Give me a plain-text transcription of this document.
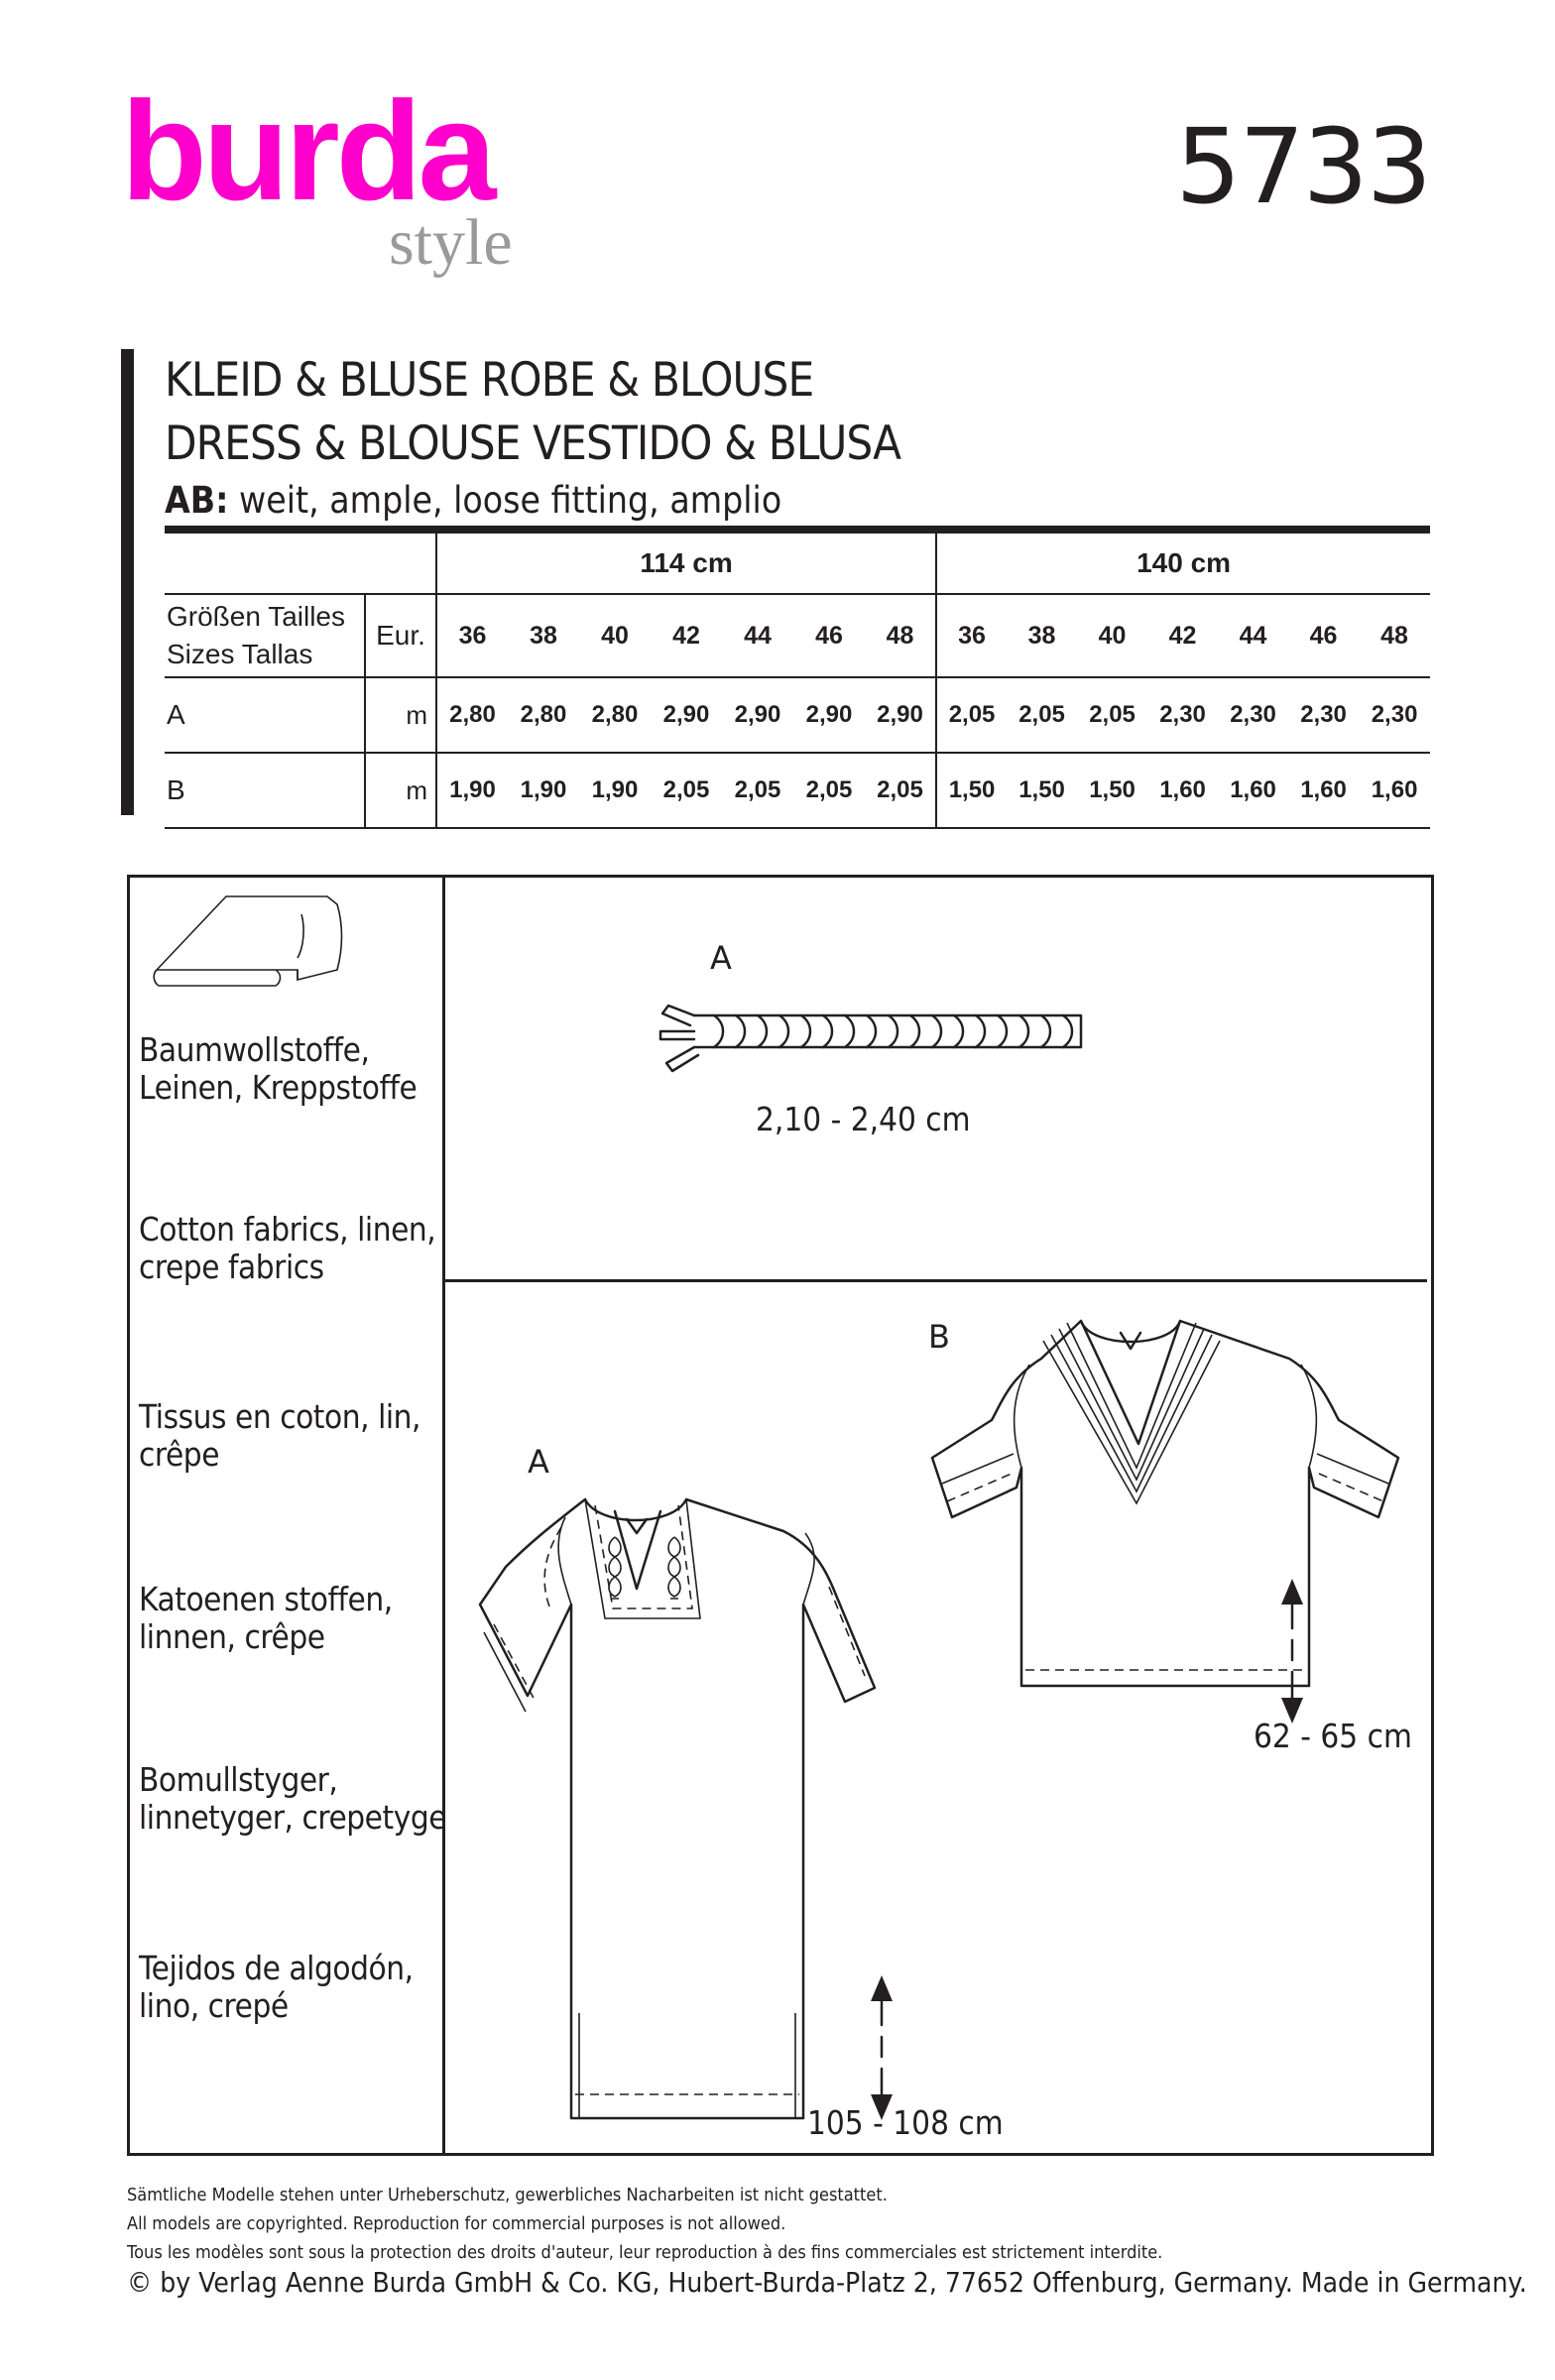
burda
style
5733
KLEID & BLUSE ROBE & BLOUSE
DRESS & BLOUSE VESTIDO & BLUSA
AB: weit, ample, loose fitting, amplio
		114 cm							140 cm						

Größen Tailles
Sizes Tallas	Eur.	36	38	40	42	44	46	48	36	38	40	42	44	46	48
A	m	2,80	2,80	2,80	2,90	2,90	2,90	2,90	2,05	2,05	2,05	2,30	2,30	2,30	2,30
B	m	1,90	1,90	1,90	2,05	2,05	2,05	2,05	1,50	1,50	1,50	1,60	1,60	1,60	1,60
Baumwollstoffe,
Leinen, Kreppstoffe
Cotton fabrics, linen,
crepe fabrics
Tissus en coton, lin,
crêpe
Katoenen stoffen,
linnen, crêpe
Bomullstyger,
linnetyger, crepetyge
Tejidos de algodón,
lino, crepé
A
2,10 - 2,40 cm
A
B
62 - 65 cm
105 - 108 cm
Sämtliche Modelle stehen unter Urheberschutz, gewerbliches Nacharbeiten ist nicht gestattet.
All models are copyrighted. Reproduction for commercial purposes is not allowed.
Tous les modèles sont sous la protection des droits d'auteur, leur reproduction à des fins commerciales est strictement interdite.
© by Verlag Aenne Burda GmbH & Co. KG, Hubert-Burda-Platz 2, 77652 Offenburg, Germany. Made in Germany.
